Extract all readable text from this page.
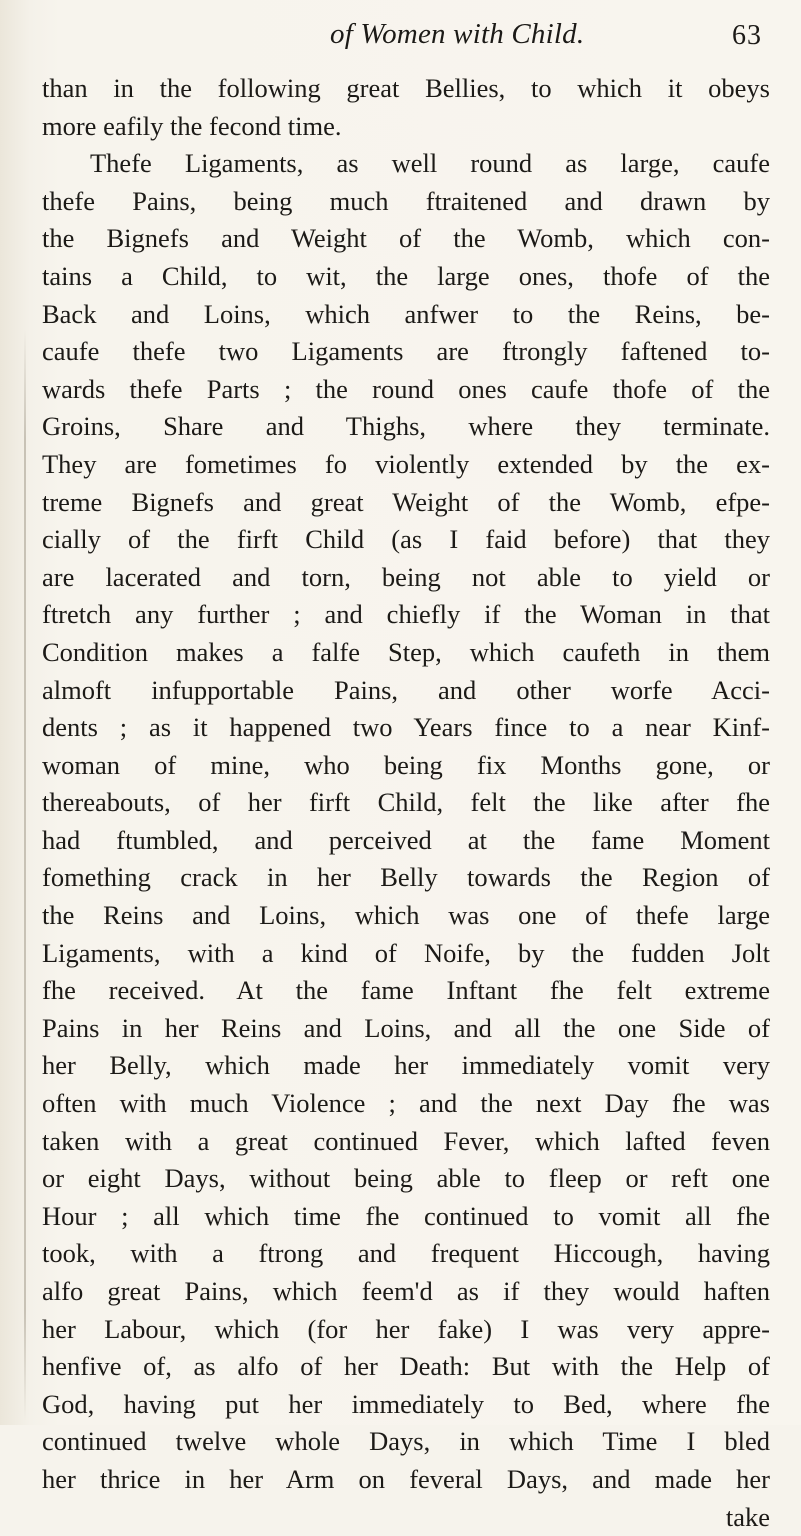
of Women with Child.	63
than in the following great Bellies, to which it obeys
more eafily the fecond time.
Thefe Ligaments, as well round as large, caufe
thefe Pains, being much ftraitened and drawn by
the Bignefs and Weight of the Womb, which con-
tains a Child, to wit, the large ones, thofe of the
Back and Loins, which anfwer to the Reins, be-
caufe thefe two Ligaments are ftrongly faftened to-
wards thefe Parts ; the round ones caufe thofe of the
Groins, Share and Thighs, where they terminate.
They are fometimes fo violently extended by the ex-
treme Bignefs and great Weight of the Womb, efpe-
cially of the firft Child (as I faid before) that they
are lacerated and torn, being not able to yield or
ftretch any further ; and chiefly if the Woman in that
Condition makes a falfe Step, which caufeth in them
almoft infupportable Pains, and other worfe Acci-
dents ; as it happened two Years fince to a near Kinf-
woman of mine, who being fix Months gone, or
thereabouts, of her firft Child, felt the like after fhe
had ftumbled, and perceived at the fame Moment
fomething crack in her Belly towards the Region of
the Reins and Loins, which was one of thefe large
Ligaments, with a kind of Noife, by the fudden Jolt
fhe received. At the fame Inftant fhe felt extreme
Pains in her Reins and Loins, and all the one Side of
her Belly, which made her immediately vomit very
often with much Violence ; and the next Day fhe was
taken with a great continued Fever, which lafted feven
or eight Days, without being able to fleep or reft one
Hour ; all which time fhe continued to vomit all fhe
took, with a ftrong and frequent Hiccough, having
alfo great Pains, which feem'd as if they would haften
her Labour, which (for her fake) I was very appre-
henfive of, as alfo of her Death: But with the Help of
God, having put her immediately to Bed, where fhe
continued twelve whole Days, in which Time I bled
her thrice in her Arm on feveral Days, and made her
take
